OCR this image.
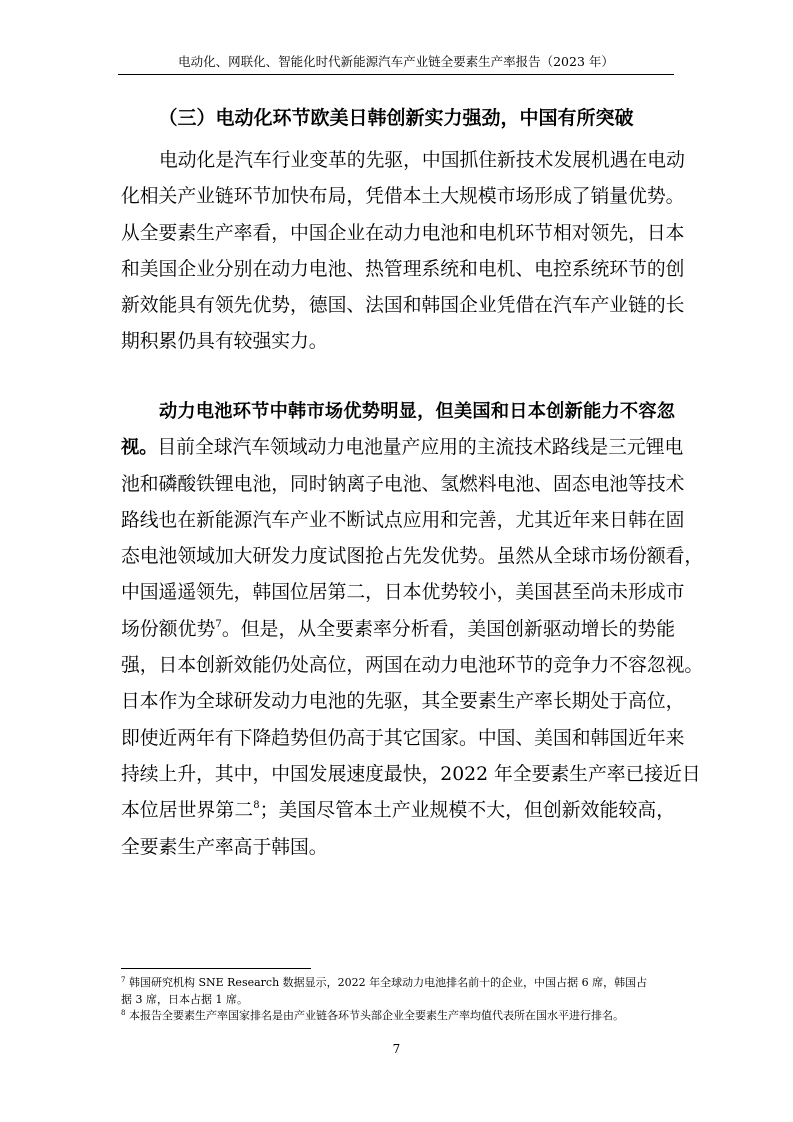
电动化、网联化、智能化时代新能源汽车产业链全要素生产率报告（2023 年）
（三）电动化环节欧美日韩创新实力强劲，中国有所突破
电动化是汽车行业变革的先驱，中国抓住新技术发展机遇在电动
化相关产业链环节加快布局，凭借本土大规模市场形成了销量优势。
从全要素生产率看，中国企业在动力电池和电机环节相对领先，日本
和美国企业分别在动力电池、热管理系统和电机、电控系统环节的创
新效能具有领先优势，德国、法国和韩国企业凭借在汽车产业链的长
期积累仍具有较强实力。
动力电池环节中韩市场优势明显，但美国和日本创新能力不容忽
视。目前全球汽车领域动力电池量产应用的主流技术路线是三元锂电
池和磷酸铁锂电池，同时钠离子电池、氢燃料电池、固态电池等技术
路线也在新能源汽车产业不断试点应用和完善，尤其近年来日韩在固
态电池领域加大研发力度试图抢占先发优势。虽然从全球市场份额看，
中国遥遥领先，韩国位居第二，日本优势较小，美国甚至尚未形成市
场份额优势$^7$。但是，从全要素率分析看，美国创新驱动增长的势能
强，日本创新效能仍处高位，两国在动力电池环节的竞争力不容忽视。
日本作为全球研发动力电池的先驱，其全要素生产率长期处于高位，
即使近两年有下降趋势但仍高于其它国家。中国、美国和韩国近年来
持续上升，其中，中国发展速度最快，2022 年全要素生产率已接近日
本位居世界第二$^8$；美国尽管本土产业规模不大，但创新效能较高，
全要素生产率高于韩国。
$^7$ 韩国研究机构 SNE Research 数据显示，2022 年全球动力电池排名前十的企业，中国占据 6 席，韩国占
据 3 席，日本占据 1 席。
$^8$ 本报告全要素生产率国家排名是由产业链各环节头部企业全要素生产率均值代表所在国水平进行排名。
7
